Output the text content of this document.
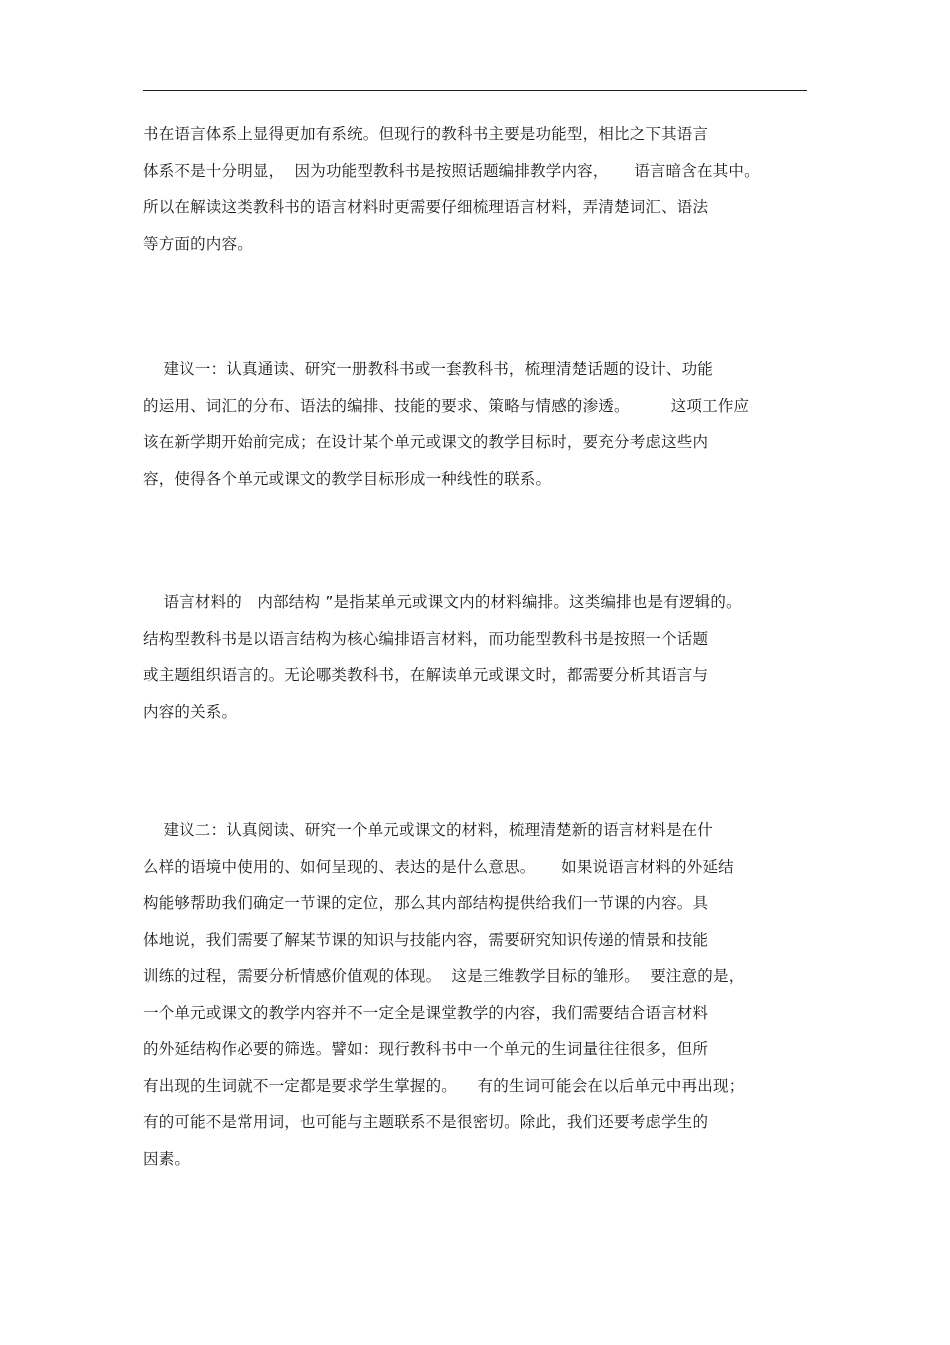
书在语言体系上显得更加有系统。但现行的教科书主要是功能型，相比之下其语言
体系不是十分明显，  因为功能型教科书是按照话题编排教学内容，     语言暗含在其中。
所以在解读这类教科书的语言材料时更需要仔细梳理语言材料，弄清楚词汇、语法
等方面的内容。
建议一：认真通读、研究一册教科书或一套教科书，梳理清楚话题的设计、功能
的运用、词汇的分布、语法的编排、技能的要求、策略与情感的渗透。        这项工作应
该在新学期开始前完成；在设计某个单元或课文的教学目标时，要充分考虑这些内
容，使得各个单元或课文的教学目标形成一种线性的联系。
语言材料的   内部结构 ”是指某单元或课文内的材料编排。这类编排也是有逻辑的。
结构型教科书是以语言结构为核心编排语言材料，而功能型教科书是按照一个话题
或主题组织语言的。无论哪类教科书，在解读单元或课文时，都需要分析其语言与
内容的关系。
建议二：认真阅读、研究一个单元或课文的材料，梳理清楚新的语言材料是在什
么样的语境中使用的、如何呈现的、表达的是什么意思。     如果说语言材料的外延结
构能够帮助我们确定一节课的定位，那么其内部结构提供给我们一节课的内容。具
体地说，我们需要了解某节课的知识与技能内容，需要研究知识传递的情景和技能
训练的过程，需要分析情感价值观的体现。  这是三维教学目标的雏形。  要注意的是，
一个单元或课文的教学内容并不一定全是课堂教学的内容，我们需要结合语言材料
的外延结构作必要的筛选。譬如：现行教科书中一个单元的生词量往往很多，但所
有出现的生词就不一定都是要求学生掌握的。    有的生词可能会在以后单元中再出现；
有的可能不是常用词，也可能与主题联系不是很密切。除此，我们还要考虑学生的
因素。
